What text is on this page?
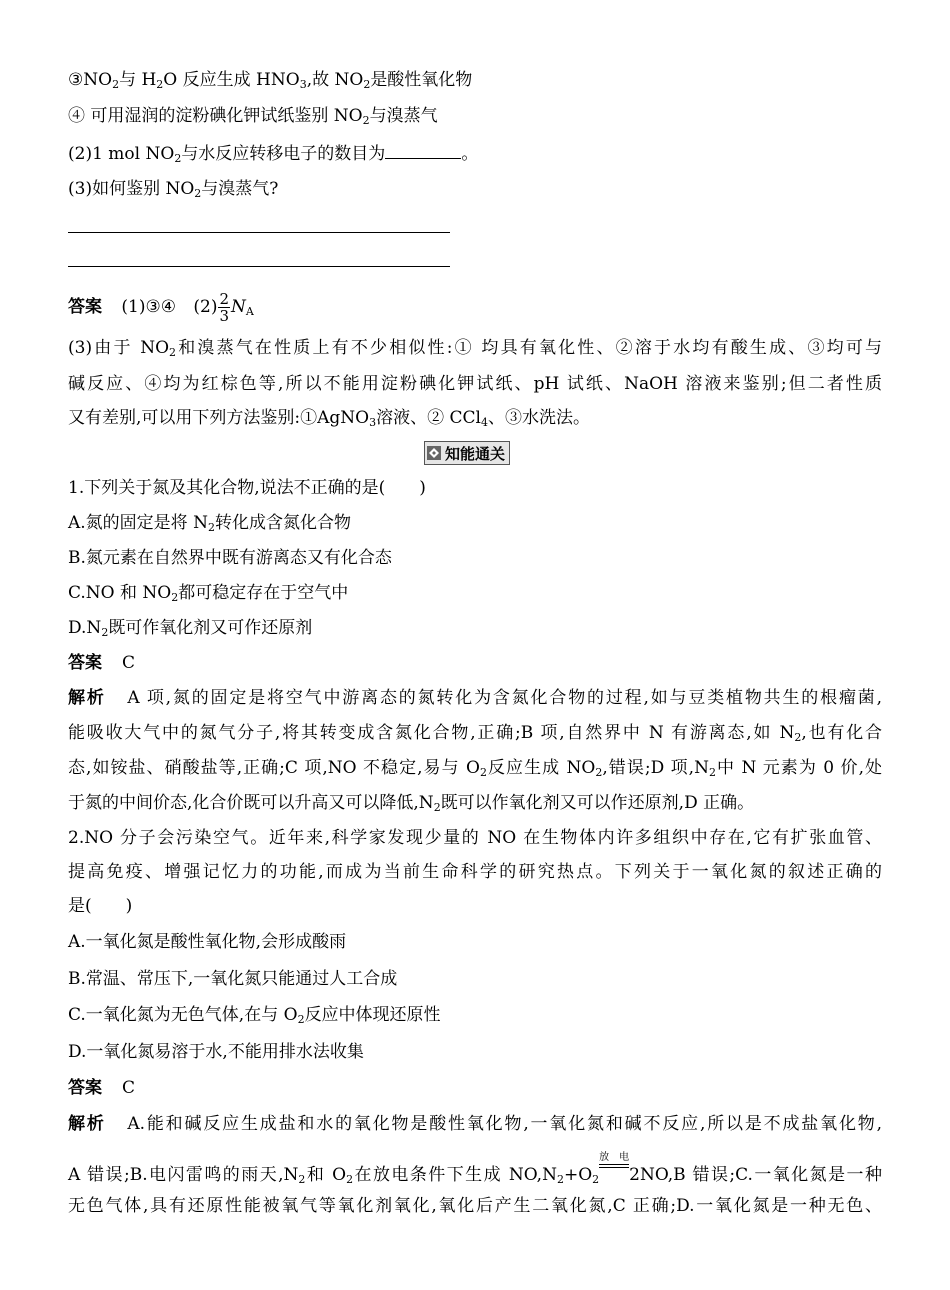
$③NO_2$与 $H_2O$ 反应生成 $HNO_3$,故 $NO_2$是酸性氧化物
④ 可用湿润的淀粉碘化钾试纸鉴别 $NO_2$与溴蒸气
(2)1 mol $NO_2$与水反应转移电子的数目为	。
(3)如何鉴别 $NO_2$与溴蒸气?
答案 (1)③④ $(2) \frac{2}{3}$ NA
(3)由于 $NO_2$和溴蒸气在性质上有不少相似性:① 均具有氧化性、②溶于水均有酸生成、③均可与
碱反应、④均为红棕色等,所以不能用淀粉碘化钾试纸、pH 试纸、NaOH 溶液来鉴别;但二者性质
又有差别,可以用下列方法鉴别:①AgNO$_3$溶液、② CCl$_4$、③水洗法。
知能通关
1.下列关于氮及其化合物,说法不正确的是(　　)
A.氮的固定是将 $N_2$转化成含氮化合物
B.氮元素在自然界中既有游离态又有化合态
C.NO 和 $NO_2$都可稳定存在于空气中
$D.N_2$既可作氧化剂又可作还原剂
答案 C
解析 A 项,氮的固定是将空气中游离态的氮转化为含氮化合物的过程,如与豆类植物共生的根瘤菌,
能吸收大气中的氮气分子,将其转变成含氮化合物,正确;B 项,自然界中 N 有游离态,如 $N_2$,也有化合
态,如铵盐、硝酸盐等,正确;C 项,NO 不稳定,易与 $O_2$反应生成 $NO_2$,错误;D 项$,N_2$中 N 元素为 0 价,处
于氮的中间价态,化合价既可以升高又可以降低$,N_2$既可以作氧化剂又可以作还原剂,D 正确。
2.NO 分子会污染空气。近年来,科学家发现少量的 NO 在生物体内许多组织中存在,它有扩张血管、
提高免疫、增强记忆力的功能,而成为当前生命科学的研究热点。下列关于一氧化氮的叙述正确的
是(　　)
A.一氧化氮是酸性氧化物,会形成酸雨
B.常温、常压下,一氧化氮只能通过人工合成
C.一氧化氮为无色气体,在与 $O_2$反应中体现还原性
D.一氧化氮易溶于水,不能用排水法收集
答案 C
解析 A.能和碱反应生成盐和水的氧化物是酸性氧化物,一氧化氮和碱不反应,所以是不成盐氧化物,
A 错误;B.电闪雷鸣的雨天$,N_2$和 $O_2$在放电条件下生成 $NO,N_2+O_2$
放电
2NO,B 错误;C.一氧化氮是一种
无色气体,具有还原性能被氧气等氧化剂氧化,氧化后产生二氧化氮,C 正确;D.一氧化氮是一种无色、
